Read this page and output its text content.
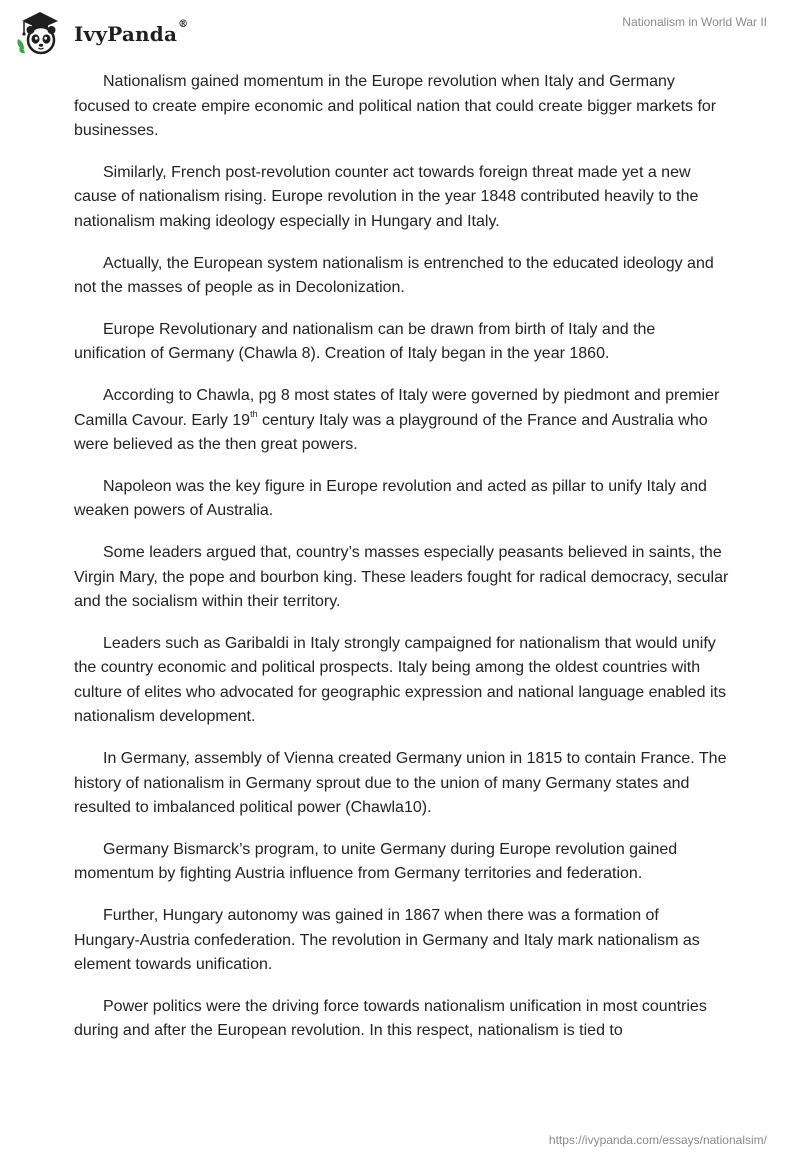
IvyPanda®	Nationalism in World War II

Nationalism gained momentum in the Europe revolution when Italy and Germany focused to create empire economic and political nation that could create bigger markets for businesses.

Similarly, French post-revolution counter act towards foreign threat made yet a new cause of nationalism rising. Europe revolution in the year 1848 contributed heavily to the nationalism making ideology especially in Hungary and Italy.

Actually, the European system nationalism is entrenched to the educated ideology and not the masses of people as in Decolonization.

Europe Revolutionary and nationalism can be drawn from birth of Italy and the unification of Germany (Chawla 8). Creation of Italy began in the year 1860.

According to Chawla, pg 8 most states of Italy were governed by piedmont and premier Camilla Cavour. Early 19th century Italy was a playground of the France and Australia who were believed as the then great powers.

Napoleon was the key figure in Europe revolution and acted as pillar to unify Italy and weaken powers of Australia.

Some leaders argued that, country’s masses especially peasants believed in saints, the Virgin Mary, the pope and bourbon king. These leaders fought for radical democracy, secular and the socialism within their territory.

Leaders such as Garibaldi in Italy strongly campaigned for nationalism that would unify the country economic and political prospects. Italy being among the oldest countries with culture of elites who advocated for geographic expression and national language enabled its nationalism development.

In Germany, assembly of Vienna created Germany union in 1815 to contain France. The history of nationalism in Germany sprout due to the union of many Germany states and resulted to imbalanced political power (Chawla10).

Germany Bismarck’s program, to unite Germany during Europe revolution gained momentum by fighting Austria influence from Germany territories and federation.

Further, Hungary autonomy was gained in 1867 when there was a formation of Hungary-Austria confederation. The revolution in Germany and Italy mark nationalism as element towards unification.

Power politics were the driving force towards nationalism unification in most countries during and after the European revolution. In this respect, nationalism is tied to

https://ivypanda.com/essays/nationalsim/
